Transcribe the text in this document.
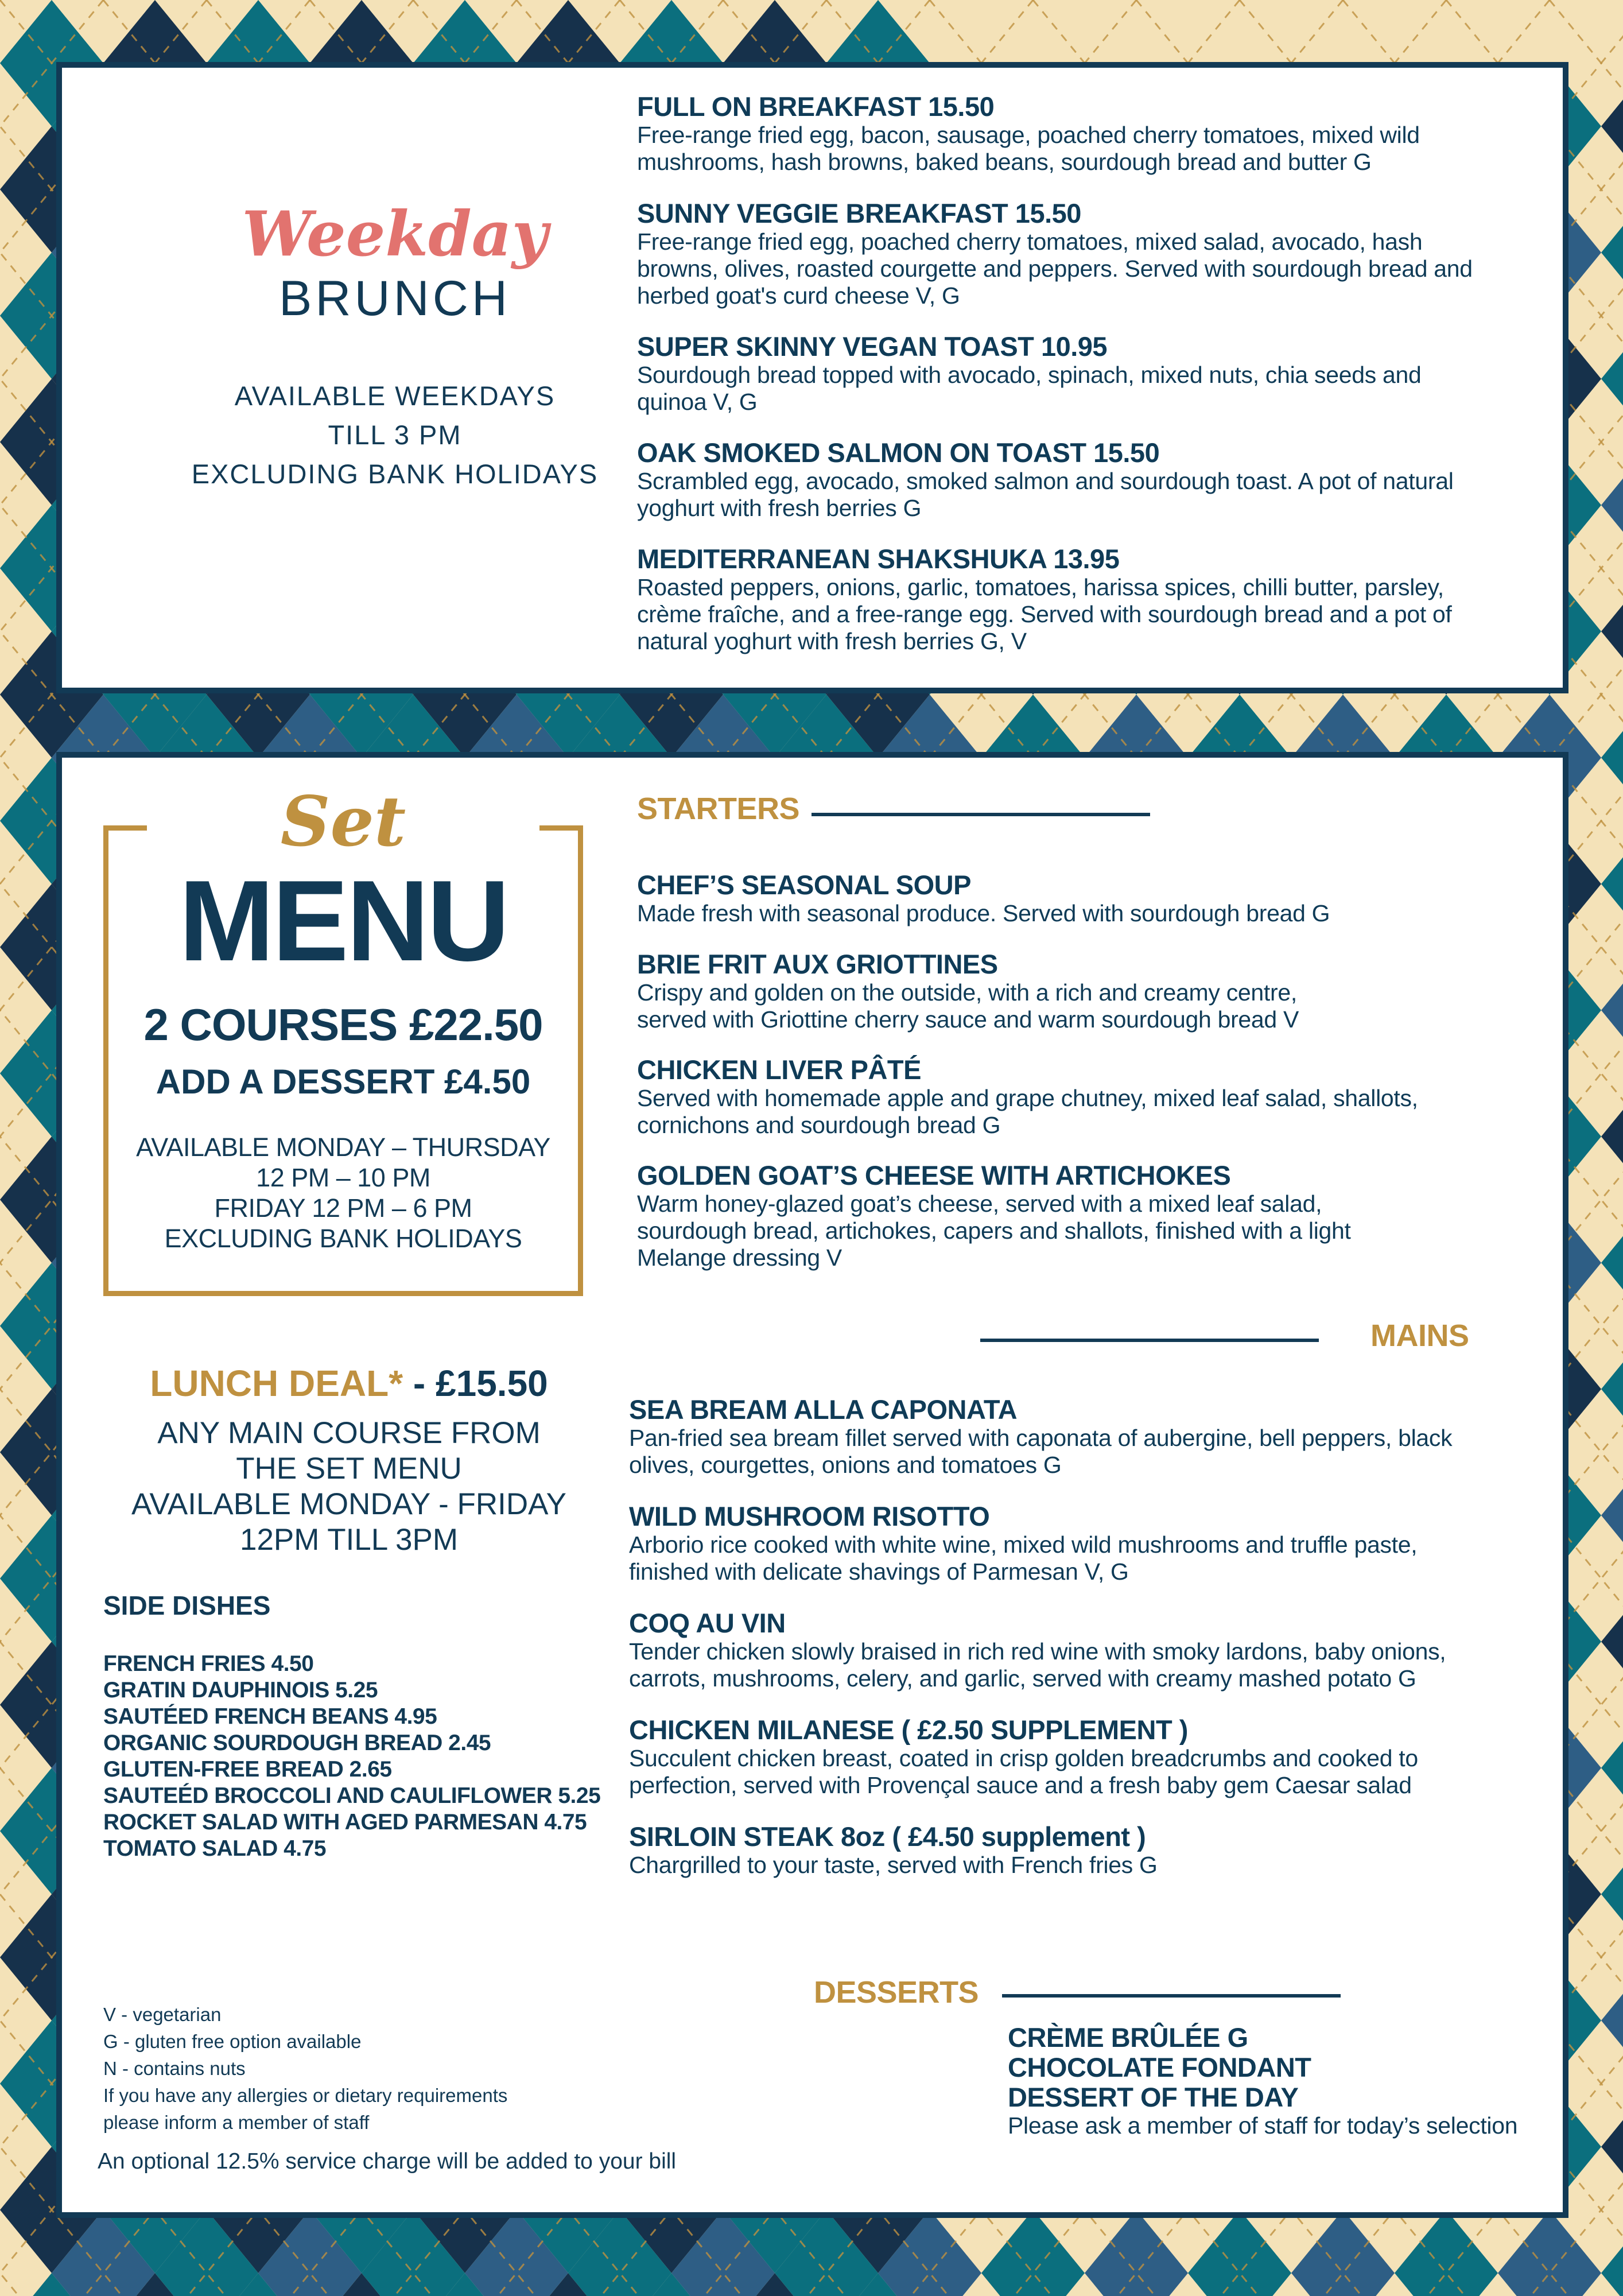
Weekday
BRUNCH
AVAILABLE WEEKDAYS
TILL 3 PM
EXCLUDING BANK HOLIDAYS
FULL ON BREAKFAST 15.50
Free-range fried egg, bacon, sausage, poached cherry tomatoes, mixed wild
mushrooms, hash browns, baked beans, sourdough bread and butter G
SUNNY VEGGIE BREAKFAST 15.50
Free-range fried egg, poached cherry tomatoes, mixed salad, avocado, hash
browns, olives, roasted courgette and peppers. Served with sourdough bread and
herbed goat's curd cheese V, G
SUPER SKINNY VEGAN TOAST 10.95
Sourdough bread topped with avocado, spinach, mixed nuts, chia seeds and
quinoa V, G
OAK SMOKED SALMON ON TOAST 15.50
Scrambled egg, avocado, smoked salmon and sourdough toast. A pot of natural
yoghurt with fresh berries G
MEDITERRANEAN SHAKSHUKA 13.95
Roasted peppers, onions, garlic, tomatoes, harissa spices, chilli butter, parsley,
crème fraîche, and a free-range egg. Served with sourdough bread and a pot of
natural yoghurt with fresh berries G, V
Set
MENU
2 COURSES £22.50
ADD A DESSERT £4.50
AVAILABLE MONDAY – THURSDAY
12 PM – 10 PM
FRIDAY 12 PM – 6 PM
EXCLUDING BANK HOLIDAYS
LUNCH DEAL* - £15.50
ANY MAIN COURSE FROM
THE SET MENU
AVAILABLE MONDAY - FRIDAY
12PM TILL 3PM
SIDE DISHES
FRENCH FRIES 4.50
GRATIN DAUPHINOIS 5.25
SAUTÉED FRENCH BEANS 4.95
ORGANIC SOURDOUGH BREAD 2.45
GLUTEN-FREE BREAD 2.65
SAUTEÉD BROCCOLI AND CAULIFLOWER 5.25
ROCKET SALAD WITH AGED PARMESAN 4.75
TOMATO SALAD 4.75
V - vegetarian
G - gluten free option available
N - contains nuts
If you have any allergies or dietary requirements
please inform a member of staff
An optional 12.5% service charge will be added to your bill
STARTERS
CHEF’S SEASONAL SOUP
Made fresh with seasonal produce. Served with sourdough bread G
BRIE FRIT AUX GRIOTTINES
Crispy and golden on the outside, with a rich and creamy centre,
served with Griottine cherry sauce and warm sourdough bread V
CHICKEN LIVER PÂTÉ
Served with homemade apple and grape chutney, mixed leaf salad, shallots,
cornichons and sourdough bread G
GOLDEN GOAT’S CHEESE WITH ARTICHOKES
Warm honey-glazed goat’s cheese, served with a mixed leaf salad,
sourdough bread, artichokes, capers and shallots, finished with a light
Melange dressing V
MAINS
SEA BREAM ALLA CAPONATA
Pan-fried sea bream fillet served with caponata of aubergine, bell peppers, black
olives, courgettes, onions and tomatoes G
WILD MUSHROOM RISOTTO
Arborio rice cooked with white wine, mixed wild mushrooms and truffle paste,
finished with delicate shavings of Parmesan V, G
COQ AU VIN
Tender chicken slowly braised in rich red wine with smoky lardons, baby onions,
carrots, mushrooms, celery, and garlic, served with creamy mashed potato G
CHICKEN MILANESE ( £2.50 SUPPLEMENT )
Succulent chicken breast, coated in crisp golden breadcrumbs and cooked to
perfection, served with Provençal sauce and a fresh baby gem Caesar salad
SIRLOIN STEAK 8oz ( £4.50 supplement )
Chargrilled to your taste, served with French fries G
DESSERTS
CRÈME BRÛLÉE G
CHOCOLATE FONDANT
DESSERT OF THE DAY
Please ask a member of staff for today’s selection
